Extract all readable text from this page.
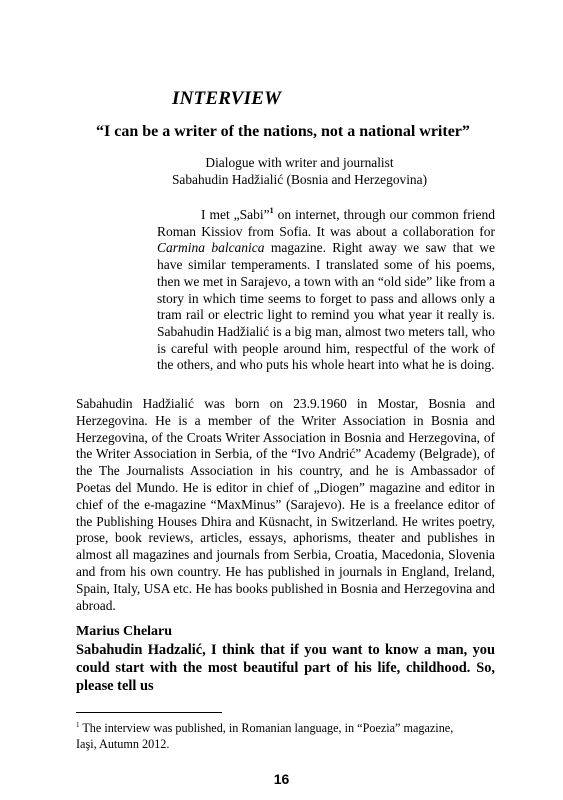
INTERVIEW
“I can be a writer of the nations, not a national writer”
Dialogue with writer and journalist
Sabahudin Hadžialić (Bosnia and Herzegovina)
I met „Sabi”$^1$ on internet, through our common friend Roman Kissiov from Sofia. It was about a collaboration for Carmina balcanica magazine. Right away we saw that we have similar temperaments. I translated some of his poems, then we met in Sarajevo, a town with an “old side” like from a story in which time seems to forget to pass and allows only a tram rail or electric light to remind you what year it really is. Sabahudin Hadžialić is a big man, almost two meters tall, who is careful with people around him, respectful of the work of the others, and who puts his whole heart into what he is doing.
Sabahudin Hadžialić was born on 23.9.1960 in Mostar, Bosnia and Herzegovina. He is a member of the Writer Association in Bosnia and Herzegovina, of the Croats Writer Association in Bosnia and Herzegovina, of the Writer Association in Serbia, of the “Ivo Andrić” Academy (Belgrade), of the The Journalists Association in his country, and he is Ambassador of Poetas del Mundo. He is editor in chief of „Diogen” magazine and editor in chief of the e-magazine “MaxMinus” (Sarajevo). He is a freelance editor of the Publishing Houses Dhira and Küsnacht, in Switzerland. He writes poetry, prose, book reviews, articles, essays, aphorisms, theater and publishes in almost all magazines and journals from Serbia, Croatia, Macedonia, Slovenia and from his own country. He has published in journals in England, Ireland, Spain, Italy, USA etc. He has books published in Bosnia and Herzegovina and abroad.
Marius Chelaru
Sabahudin Hadzalić, I think that if you want to know a man, you could start with the most beautiful part of his life, childhood. So, please tell us
$^1$ The interview was published, in Romanian language, in “Poezia” magazine, Iaşi, Autumn 2012.
16
